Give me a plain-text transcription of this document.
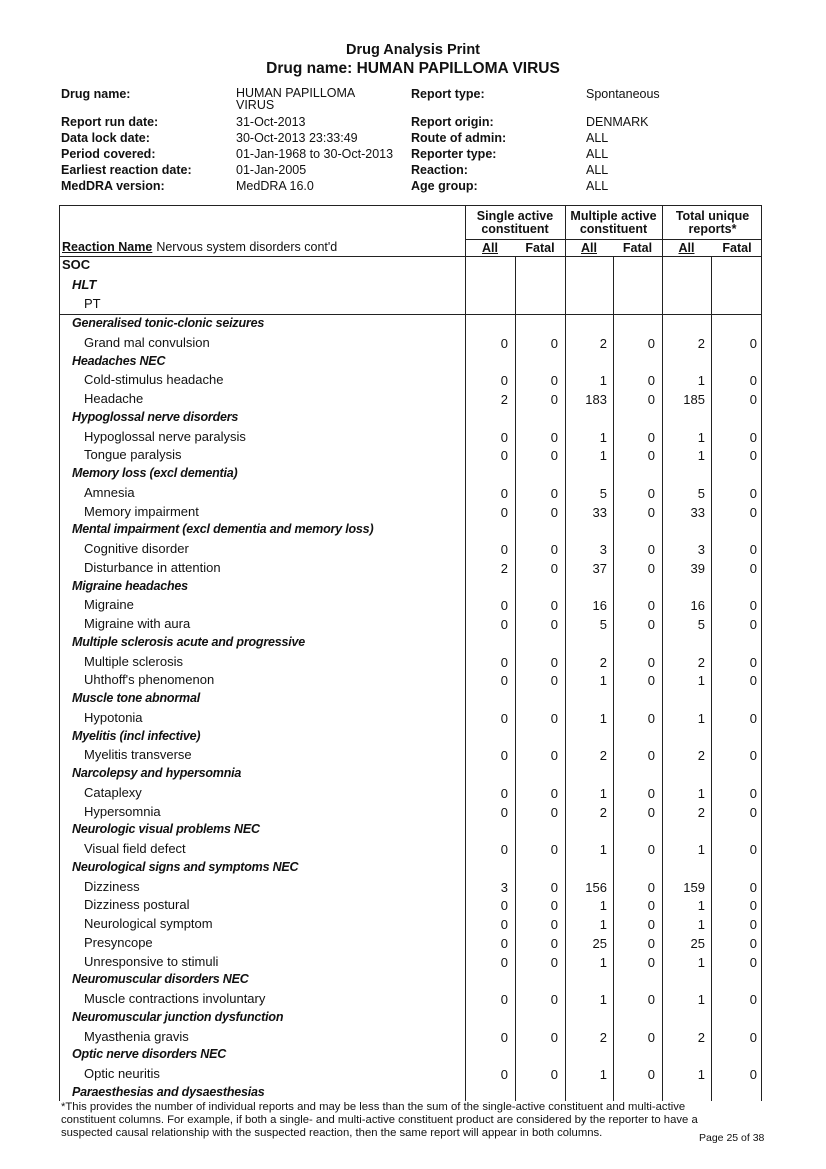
Drug Analysis Print
Drug name: HUMAN PAPILLOMA VIRUS
Drug name:	HUMAN PAPILLOMA VIRUS
Report run date:	31-Oct-2013
Data lock date:	30-Oct-2013 23:33:49
Period covered:	01-Jan-1968 to 30-Oct-2013
Earliest reaction date:	01-Jan-2005
MedDRA version:	MedDRA 16.0
Report type:	Spontaneous
Report origin:	DENMARK
Route of admin:	ALL
Reporter type:	ALL
Reaction:	ALL
Age group:	ALL
Single active constituent
Multiple active constituent
Total unique reports*
All	Fatal	All	Fatal	All	Fatal
Reaction Name Nervous system disorders cont'd
SOC
HLT
PT
Generalised tonic-clonic seizures
Grand mal convulsion	0	0	2	0	2	0
Headaches NEC
Cold-stimulus headache	0	0	1	0	1	0
Headache	2	0	183	0	185	0
Hypoglossal nerve disorders
Hypoglossal nerve paralysis	0	0	1	0	1	0
Tongue paralysis	0	0	1	0	1	0
Memory loss (excl dementia)
Amnesia	0	0	5	0	5	0
Memory impairment	0	0	33	0	33	0
Mental impairment (excl dementia and memory loss)
Cognitive disorder	0	0	3	0	3	0
Disturbance in attention	2	0	37	0	39	0
Migraine headaches
Migraine	0	0	16	0	16	0
Migraine with aura	0	0	5	0	5	0
Multiple sclerosis acute and progressive
Multiple sclerosis	0	0	2	0	2	0
Uhthoff's phenomenon	0	0	1	0	1	0
Muscle tone abnormal
Hypotonia	0	0	1	0	1	0
Myelitis (incl infective)
Myelitis transverse	0	0	2	0	2	0
Narcolepsy and hypersomnia
Cataplexy	0	0	1	0	1	0
Hypersomnia	0	0	2	0	2	0
Neurologic visual problems NEC
Visual field defect	0	0	1	0	1	0
Neurological signs and symptoms NEC
Dizziness	3	0	156	0	159	0
Dizziness postural	0	0	1	0	1	0
Neurological symptom	0	0	1	0	1	0
Presyncope	0	0	25	0	25	0
Unresponsive to stimuli	0	0	1	0	1	0
Neuromuscular disorders NEC
Muscle contractions involuntary	0	0	1	0	1	0
Neuromuscular junction dysfunction
Myasthenia gravis	0	0	2	0	2	0
Optic nerve disorders NEC
Optic neuritis	0	0	1	0	1	0
Paraesthesias and dysaesthesias
*This provides the number of individual reports and may be less than the sum of the single-active constituent and multi-active
constituent columns. For example, if both a single- and multi-active constituent product are considered by the reporter to have a
suspected causal relationship with the suspected reaction, then the same report will appear in both columns.	Page 25 of 38
